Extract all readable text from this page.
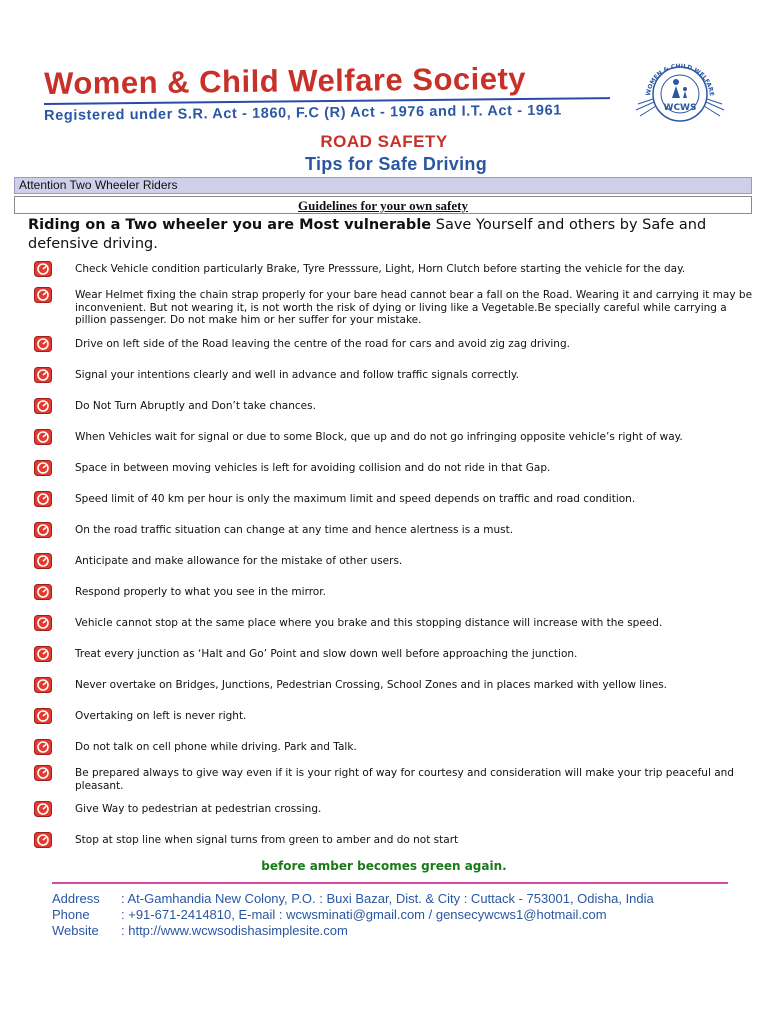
Women & Child Welfare Society
Registered under S.R. Act - 1860, F.C (R) Act - 1976 and I.T. Act - 1961
WOMEN & CHILD WELFARE
WCWS
ROAD SAFETY
Tips for Safe Driving
Attention Two Wheeler Riders
Guidelines for your own safety
Riding on a Two wheeler you are Most vulnerable Save Yourself and others by Safe and defensive driving.
Check Vehicle condition particularly Brake, Tyre Presssure, Light, Horn Clutch before starting the vehicle for the day.
Wear Helmet fixing the chain strap properly for your bare head cannot bear a fall on the Road. Wearing it and carrying it may be inconvenient. But not wearing it, is not worth the risk of dying or living like a Vegetable.Be specially careful while carrying a pillion passenger. Do not make him or her suffer for your mistake.
Drive on left side of the Road leaving the centre of the road for cars and avoid zig zag driving.
Signal your intentions clearly and well in advance and follow traffic signals correctly.
Do Not Turn Abruptly and Don’t take chances.
When Vehicles wait for signal or due to some Block, que up and do not go infringing opposite vehicle’s right of way.
Space in between moving vehicles is left for avoiding collision and do not ride in that Gap.
Speed limit of 40 km per hour is only the maximum limit and speed depends on traffic and road condition.
On the road traffic situation can change at any time and hence alertness is a must.
Anticipate and make allowance for the mistake of other users.
Respond properly to what you see in the mirror.
Vehicle cannot stop at the same place where you brake and this stopping distance will increase with the speed.
Treat every junction as ‘Halt and Go’ Point and slow down well before approaching the junction.
Never overtake on Bridges, Junctions, Pedestrian Crossing, School Zones and in places marked with yellow lines.
Overtaking on left is never right.
Do not talk on cell phone while driving. Park and Talk.
Be prepared always to give way even if it is your right of way for courtesy and consideration will make your trip peaceful and pleasant.
Give Way to pedestrian at pedestrian crossing.
Stop at stop line when signal turns from green to amber and do not start
before amber becomes green again.
Address : At-Gamhandia New Colony, P.O. : Buxi Bazar, Dist. & City : Cuttack - 753001, Odisha, India
Phone : +91-671-2414810, E-mail : wcwsminati@gmail.com / gensecywcws1@hotmail.com
Website : http://www.wcwsodishasimplesite.com
